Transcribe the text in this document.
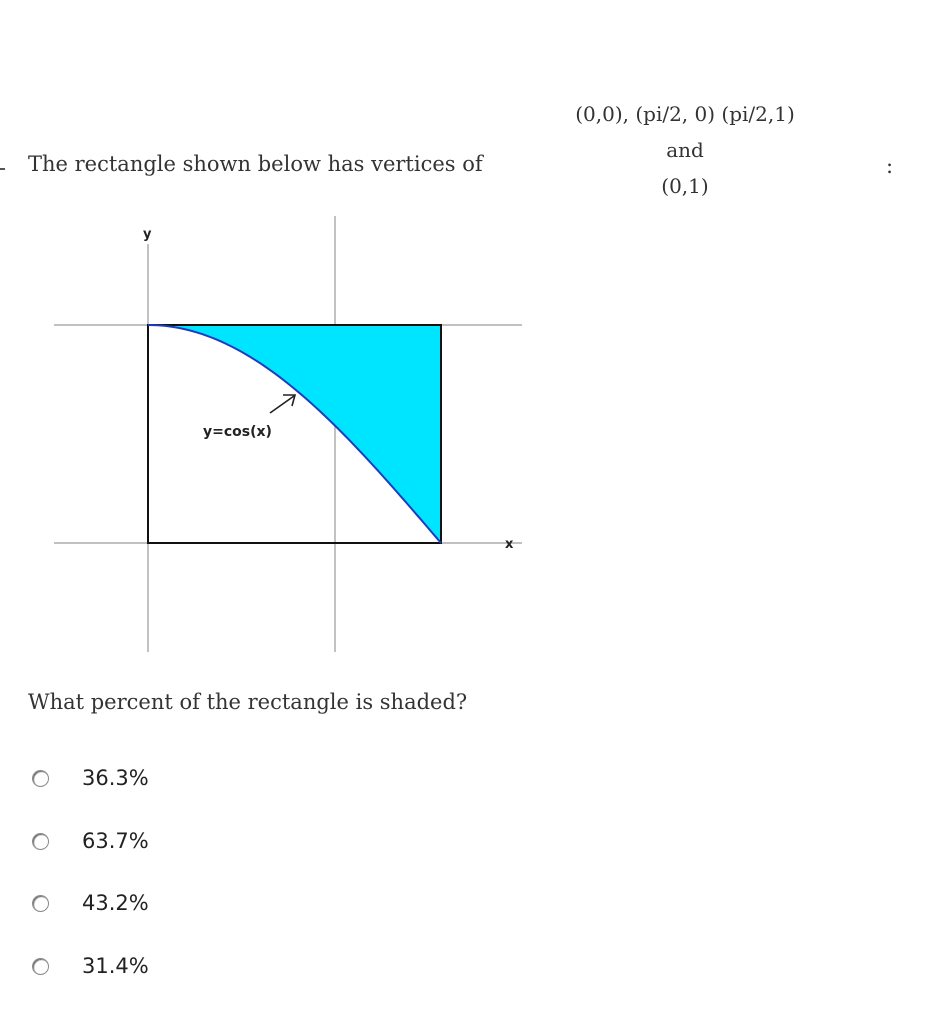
The rectangle shown below has vertices of
(0,0), (pi/2, 0) (pi/2,1) and
(0,1)
:
y=cos(x)
y
x
What percent of the rectangle is shaded?
36.3%
63.7%
43.2%
31.4%
